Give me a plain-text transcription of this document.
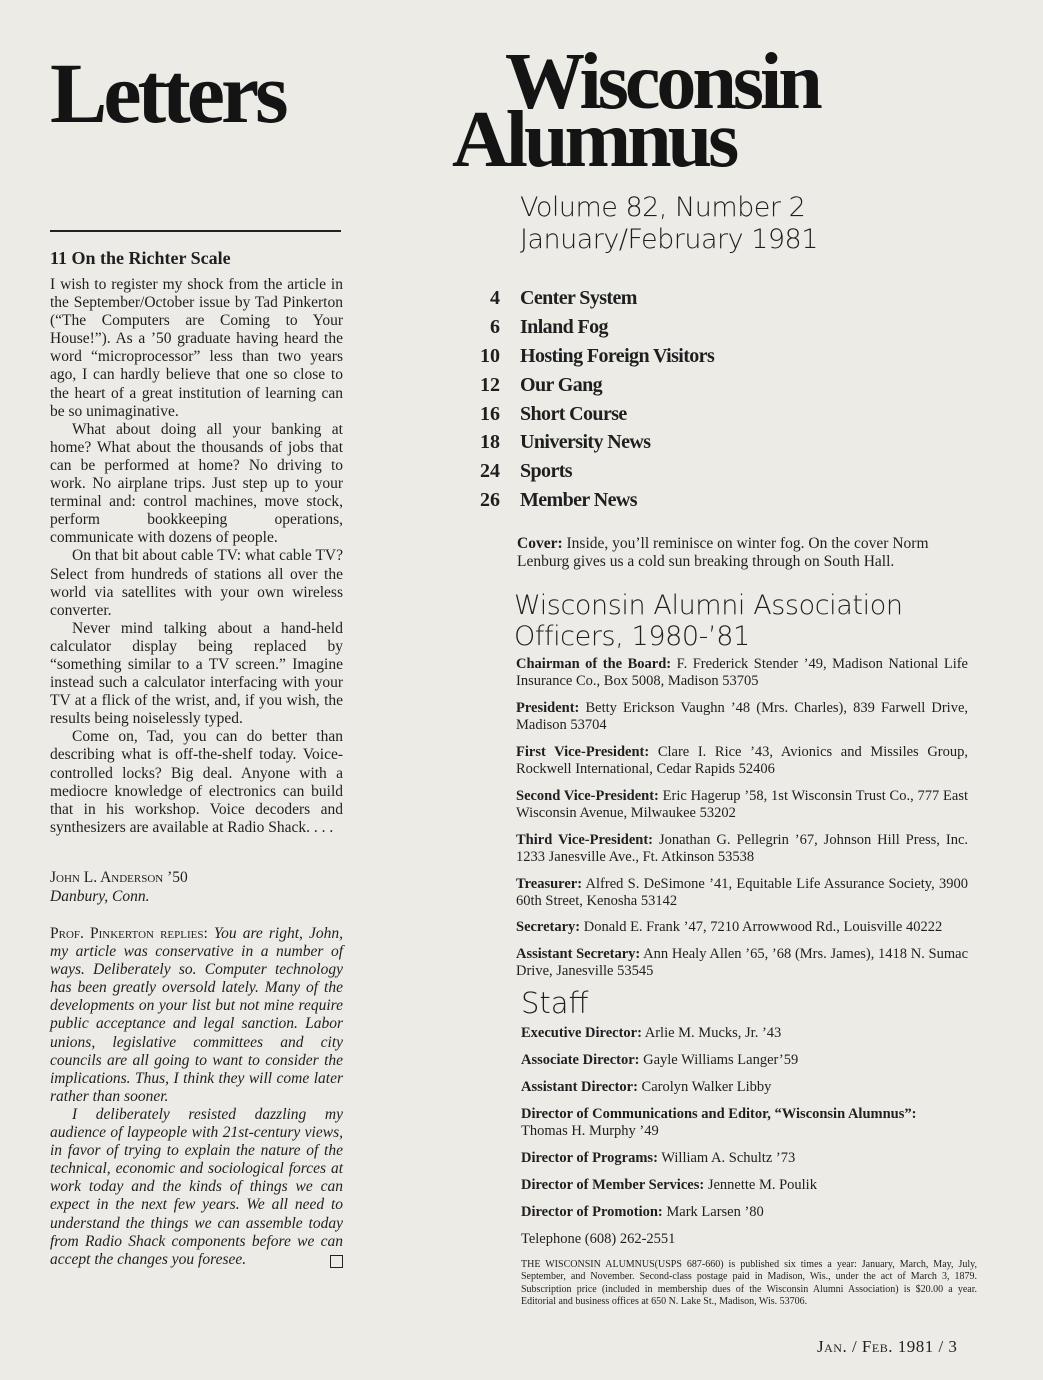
Letters
11 On the Richter Scale

I wish to register my shock from the article in the September/October issue by Tad Pinkerton (“The Computers are Coming to Your House!”). As a ’50 graduate having heard the word “microprocessor” less than two years ago, I can hardly believe that one so close to the heart of a great institution of learning can be so unimaginative.

What about doing all your banking at home? What about the thousands of jobs that can be performed at home? No driving to work. No airplane trips. Just step up to your terminal and: control machines, move stock, perform bookkeeping operations, communicate with dozens of people.

On that bit about cable TV: what cable TV? Select from hundreds of stations all over the world via satellites with your own wireless converter.

Never mind talking about a hand-held calculator display being replaced by “something similar to a TV screen.” Imagine instead such a calculator interfacing with your TV at a flick of the wrist, and, if you wish, the results being noiselessly typed.

Come on, Tad, you can do better than describing what is off-the-shelf today. Voice-controlled locks? Big deal. Anyone with a mediocre knowledge of electronics can build that in his workshop. Voice decoders and synthesizers are available at Radio Shack. . . .

John L. Anderson ’50
Danbury, Conn.

Prof. Pinkerton replies: You are right, John, my article was conservative in a number of ways. Deliberately so. Computer technology has been greatly oversold lately. Many of the developments on your list but not mine require public acceptance and legal sanction. Labor unions, legislative committees and city councils are all going to want to consider the implications. Thus, I think they will come later rather than sooner.

I deliberately resisted dazzling my audience of laypeople with 21st-century views, in favor of trying to explain the nature of the technical, economic and sociological forces at work today and the kinds of things we can expect in the next few years. We all need to understand the things we can assemble today from Radio Shack components before we can accept the changes you foresee.

Wisconsin
Alumnus
Volume 82, Number 2
January/February 1981
4 Center System
6 Inland Fog
10 Hosting Foreign Visitors
12 Our Gang
16 Short Course
18 University News
24 Sports
26 Member News
Cover: Inside, you’ll reminisce on winter fog. On the cover Norm Lenburg gives us a cold sun breaking through on South Hall.
Wisconsin Alumni Association
Officers, 1980-’81
Chairman of the Board: F. Frederick Stender ’49, Madison National Life Insurance Co., Box 5008, Madison 53705
President: Betty Erickson Vaughn ’48 (Mrs. Charles), 839 Farwell Drive, Madison 53704
First Vice-President: Clare I. Rice ’43, Avionics and Missiles Group, Rockwell International, Cedar Rapids 52406
Second Vice-President: Eric Hagerup ’58, 1st Wisconsin Trust Co., 777 East Wisconsin Avenue, Milwaukee 53202
Third Vice-President: Jonathan G. Pellegrin ’67, Johnson Hill Press, Inc. 1233 Janesville Ave., Ft. Atkinson 53538
Treasurer: Alfred S. DeSimone ’41, Equitable Life Assurance Society, 3900 60th Street, Kenosha 53142
Secretary: Donald E. Frank ’47, 7210 Arrowwood Rd., Louisville 40222
Assistant Secretary: Ann Healy Allen ’65, ’68 (Mrs. James), 1418 N. Sumac Drive, Janesville 53545
Staff
Executive Director: Arlie M. Mucks, Jr. ’43
Associate Director: Gayle Williams Langer’59
Assistant Director: Carolyn Walker Libby
Director of Communications and Editor, “Wisconsin Alumnus”:
Thomas H. Murphy ’49
Director of Programs: William A. Schultz ’73
Director of Member Services: Jennette M. Poulik
Director of Promotion: Mark Larsen ’80
Telephone (608) 262-2551
THE WISCONSIN ALUMNUS(USPS 687-660) is published six times a year: January, March, May, July, September, and November. Second-class postage paid in Madison, Wis., under the act of March 3, 1879. Subscription price (included in membership dues of the Wisconsin Alumni Association) is $20.00 a year. Editorial and business offices at 650 N. Lake St., Madison, Wis. 53706.
Jan. / Feb. 1981 / 3
